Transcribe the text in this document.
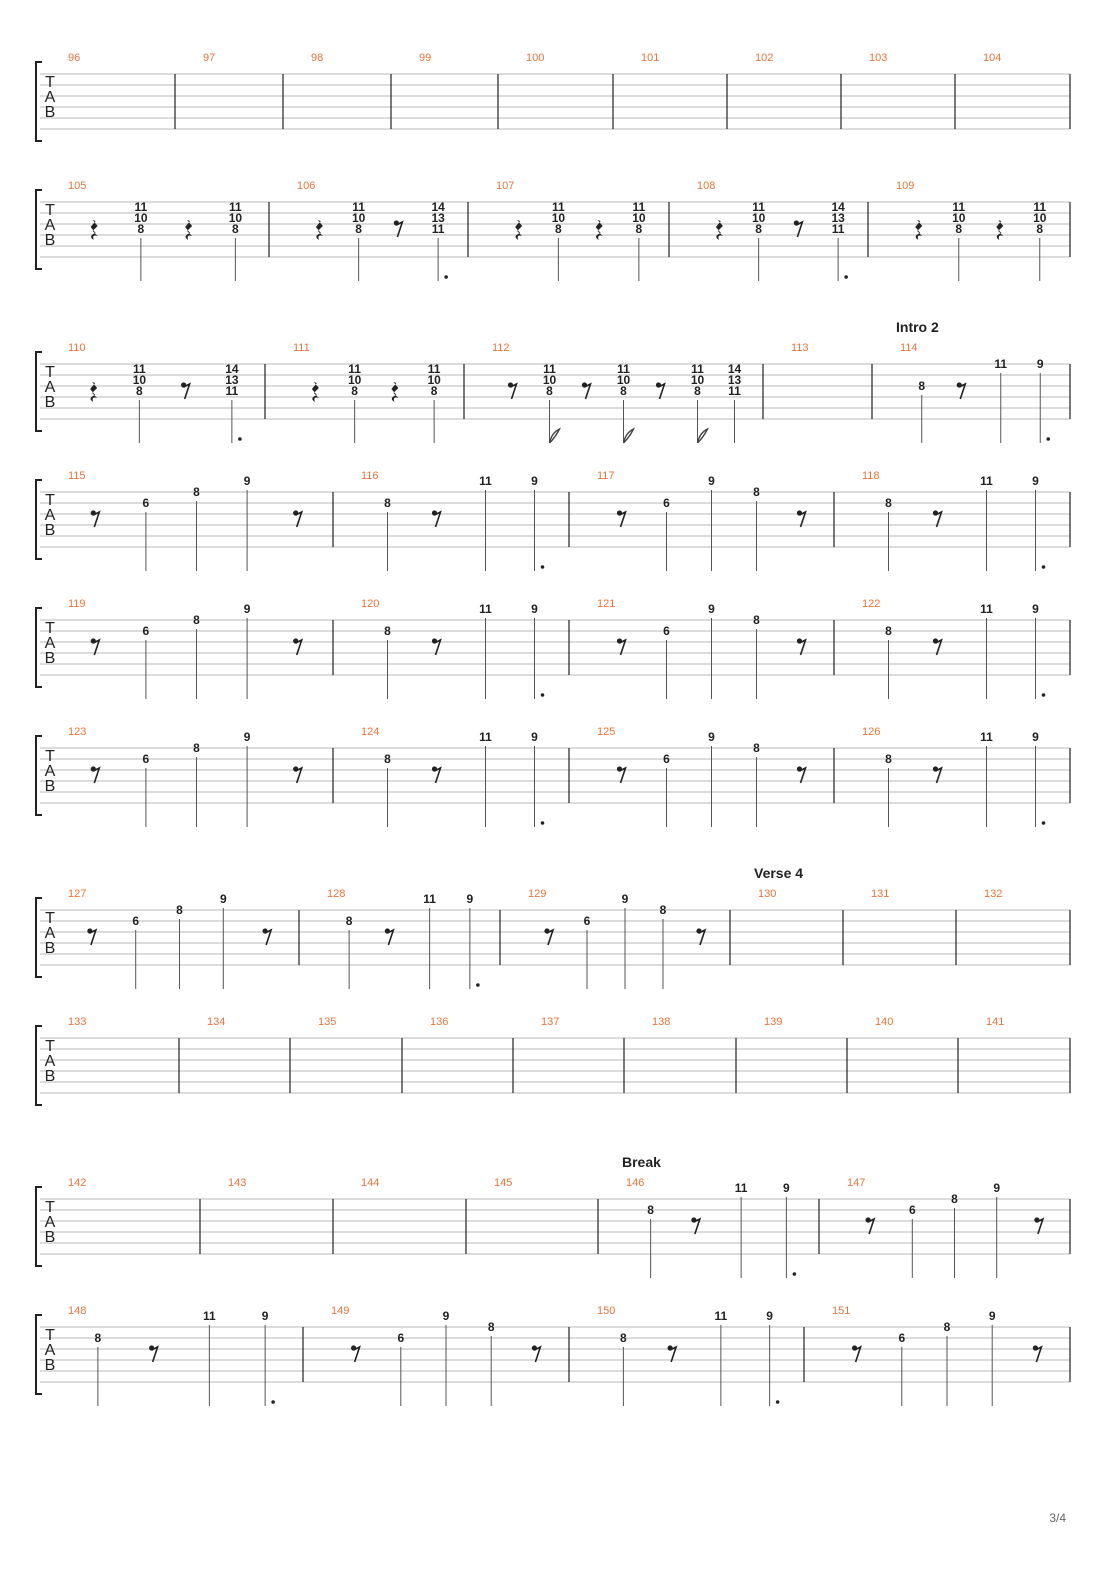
T
A
B
96	97	98	99	100	101	102	103	104
T
A
B
105
11
10
8
11
10
8
106
11
10
8
14
13
11
107
11
10
8
11
10
8
108
11
10
8
14
13
11
109
11
10
8
11
10
8
T
A
B
110
11
10
8
14
13
11
111
11
10
8
11
10
8
112
11
10
8
11
10
8
11
10
8
14
13
11
113	114
8
11 9
Intro 2
T
A
B
115
6
8
9	116
8
11	9	117
6
9
8
118
8
11	9
T
A
B
119
6
8
9	120
8
11	9	121
6
9
8
122
8
11	9
T
A
B
123
6
8
9	124
8
11	9	125
6
9
8
126
8
11	9
T
A
B
127
6
8
9	128
8
11	9	129
6
9
8
130	131	132
Verse 4
T
A
B
133	134	135	136	137	138	139	140	141
T
A
B
142	143	144	145	146
8
11	9	147
6
8
9
Break
T
A
B
148
8
11	9	149
6
9
8
150
8
11	9	151
6
8
9
3/4
